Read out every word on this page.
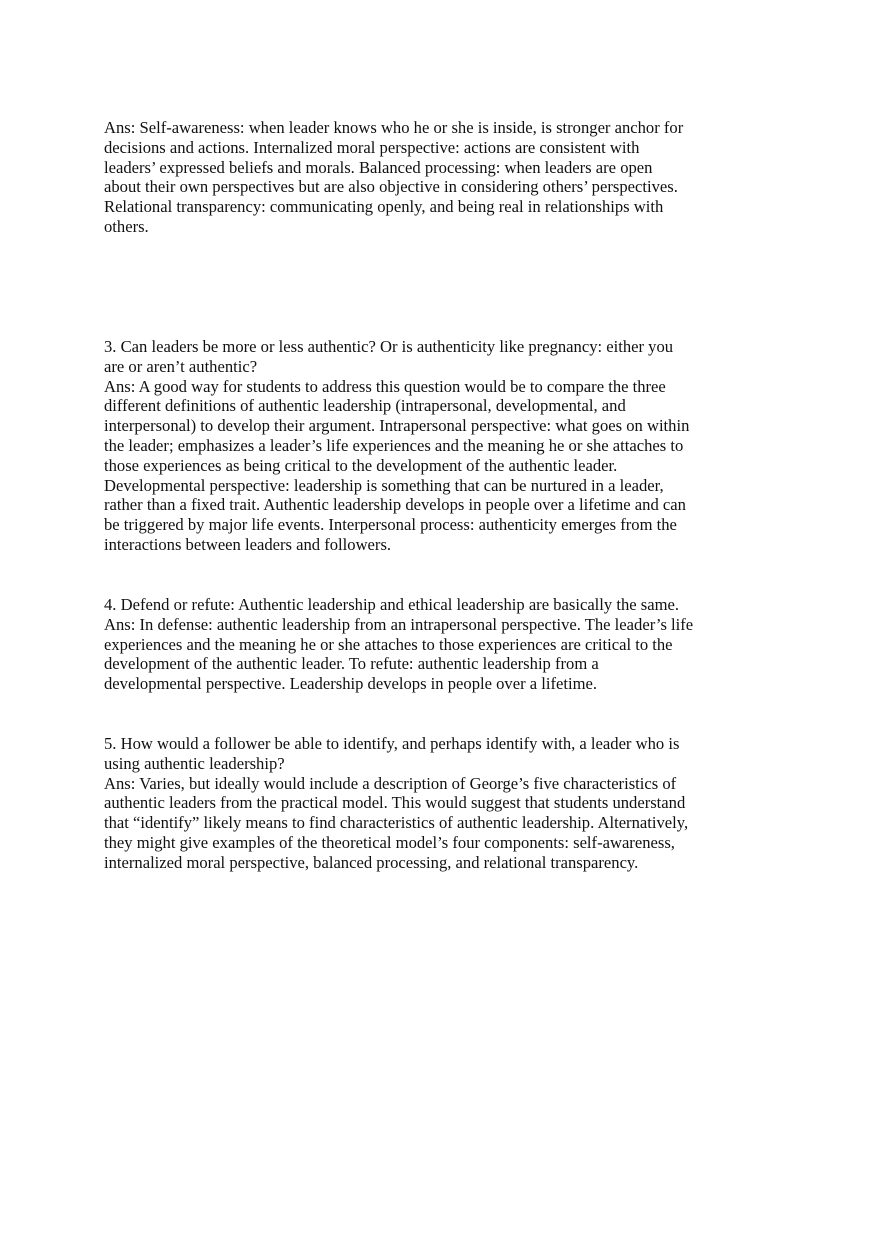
Ans: Self-awareness: when leader knows who he or she is inside, is stronger anchor for
decisions and actions. Internalized moral perspective: actions are consistent with
leaders’ expressed beliefs and morals. Balanced processing: when leaders are open
about their own perspectives but are also objective in considering others’ perspectives.
Relational transparency: communicating openly, and being real in relationships with
others.

3. Can leaders be more or less authentic? Or is authenticity like pregnancy: either you
are or aren’t authentic?

Ans: A good way for students to address this question would be to compare the three
different definitions of authentic leadership (intrapersonal, developmental, and
interpersonal) to develop their argument. Intrapersonal perspective: what goes on within
the leader; emphasizes a leader’s life experiences and the meaning he or she attaches to
those experiences as being critical to the development of the authentic leader.
Developmental perspective: leadership is something that can be nurtured in a leader,
rather than a fixed trait. Authentic leadership develops in people over a lifetime and can
be triggered by major life events. Interpersonal process: authenticity emerges from the
interactions between leaders and followers.

4. Defend or refute: Authentic leadership and ethical leadership are basically the same.

Ans: In defense: authentic leadership from an intrapersonal perspective. The leader’s life
experiences and the meaning he or she attaches to those experiences are critical to the
development of the authentic leader. To refute: authentic leadership from a
developmental perspective. Leadership develops in people over a lifetime.

5. How would a follower be able to identify, and perhaps identify with, a leader who is
using authentic leadership?

Ans: Varies, but ideally would include a description of George’s five characteristics of
authentic leaders from the practical model. This would suggest that students understand
that “identify” likely means to find characteristics of authentic leadership. Alternatively,
they might give examples of the theoretical model’s four components: self-awareness,
internalized moral perspective, balanced processing, and relational transparency.
